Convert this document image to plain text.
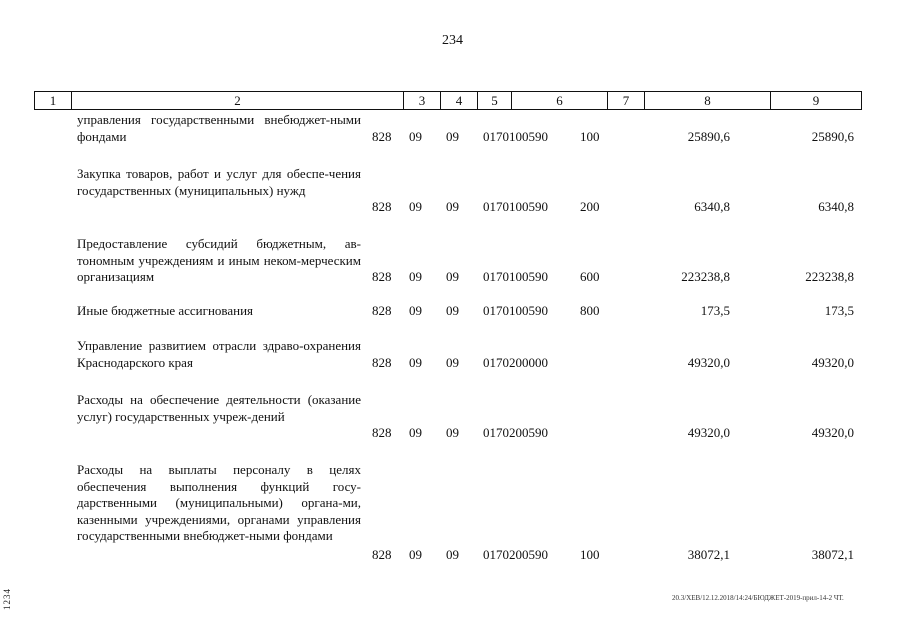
234
1	2	3	4	5	6	7	8	9
управления государственными внебюджет-ными фондами	828 09 09 0170100590 100	25890,6	25890,6
Закупка товаров, работ и услуг для обеспе-чения государственных (муниципальных) нужд
828 09 09 0170100590 200	6340,8	6340,8
Предоставление субсидий бюджетным, ав-тономным учреждениям и иным неком-мерческим организациям	828 09 09 0170100590 600	223238,8	223238,8
Иные бюджетные ассигнования	828 09 09 0170100590 800	173,5	173,5
Управление развитием отрасли здраво-охранения Краснодарского края	828 09 09 0170200000	49320,0	49320,0
Расходы на обеспечение деятельности (оказание услуг) государственных учреж-дений
828 09 09 0170200590	49320,0	49320,0
Расходы на выплаты персоналу в целях обеспечения выполнения функций госу-дарственными (муниципальными) органа-ми, казенными учреждениями, органами управления государственными внебюджет-ными фондами
828 09 09 0170200590 100	38072,1	38072,1
20.3/XEB/12.12.2018/14:24/БЮДЖЕТ-2019-прил-14-2 ЧТ.
1234
